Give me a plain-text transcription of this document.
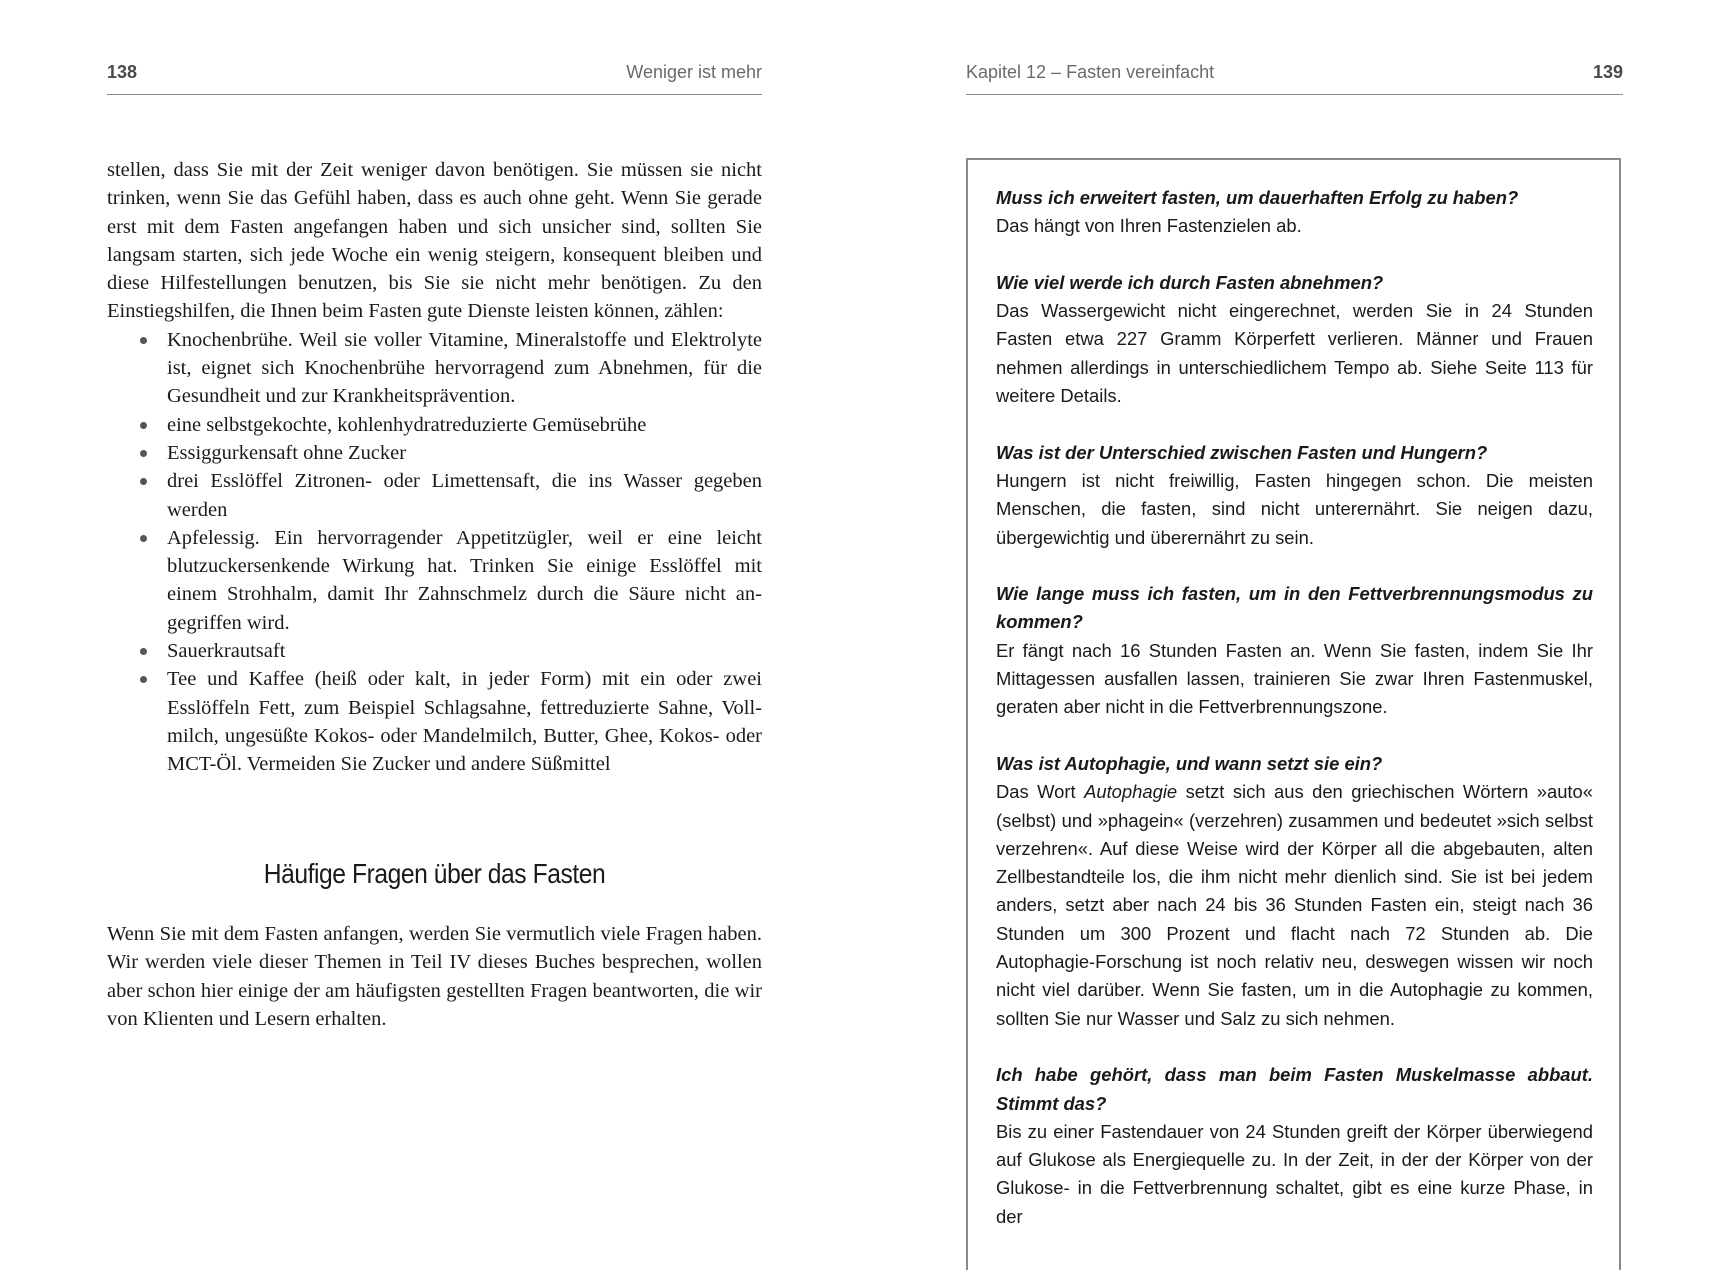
138	Weniger ist mehr

stellen, dass Sie mit der Zeit weniger davon benötigen. Sie müssen sie nicht trinken, wenn Sie das Gefühl haben, dass es auch ohne geht. Wenn Sie gerade erst mit dem Fasten angefangen haben und sich unsicher sind, sollten Sie langsam starten, sich jede Woche ein wenig steigern, konsequent bleiben und diese Hilfestellungen benutzen, bis Sie sie nicht mehr benötigen. Zu den Einstiegshilfen, die Ihnen beim Fasten gute Dienste leisten können, zählen:

Knochenbrühe. Weil sie voller Vitamine, Mineralstoffe und Elektrolyte ist, eignet sich Knochenbrühe hervorragend zum Abnehmen, für die Gesundheit und zur Krankheitsprävention.
eine selbstgekochte, kohlenhydratreduzierte Gemüsebrühe
Essiggurkensaft ohne Zucker
drei Esslöffel Zitronen- oder Limettensaft, die ins Wasser gegeben werden
Apfelessig. Ein hervorragender Appetitzügler, weil er eine leicht blutzuckersenkende Wirkung hat. Trinken Sie einige Esslöffel mit einem Strohhalm, damit Ihr Zahnschmelz durch die Säure nicht angegriffen wird.
Sauerkrautsaft
Tee und Kaffee (heiß oder kalt, in jeder Form) mit ein oder zwei Esslöffeln Fett, zum Beispiel Schlagsahne, fettreduzierte Sahne, Vollmilch, ungesüßte Kokos- oder Mandelmilch, Butter, Ghee, Kokos- oder MCT-Öl. Vermeiden Sie Zucker und andere Süßmittel
Häufige Fragen über das Fasten

Wenn Sie mit dem Fasten anfangen, werden Sie vermutlich viele Fragen haben. Wir werden viele dieser Themen in Teil IV dieses Buches besprechen, wollen aber schon hier einige der am häufigsten gestellten Fragen beantworten, die wir von Klienten und Lesern erhalten.

Kapitel 12 – Fasten vereinfacht	139

Muss ich erweitert fasten, um dauerhaften Erfolg zu haben?

Das hängt von Ihren Fastenzielen ab.

Wie viel werde ich durch Fasten abnehmen?

Das Wassergewicht nicht eingerechnet, werden Sie in 24 Stunden Fasten etwa 227 Gramm Körperfett verlieren. Männer und Frauen nehmen allerdings in unterschiedlichem Tempo ab. Siehe Seite 113 für weitere Details.

Was ist der Unterschied zwischen Fasten und Hungern?

Hungern ist nicht freiwillig, Fasten hingegen schon. Die meisten Menschen, die fasten, sind nicht unterernährt. Sie neigen dazu, übergewichtig und überernährt zu sein.

Wie lange muss ich fasten, um in den Fettverbrennungsmodus zu kommen?

Er fängt nach 16 Stunden Fasten an. Wenn Sie fasten, indem Sie Ihr Mittagessen ausfallen lassen, trainieren Sie zwar Ihren Fastenmuskel, geraten aber nicht in die Fettverbrennungszone.

Was ist Autophagie, und wann setzt sie ein?

Das Wort Autophagie setzt sich aus den griechischen Wörtern »auto« (selbst) und »phagein« (verzehren) zusammen und bedeutet »sich selbst verzehren«. Auf diese Weise wird der Körper all die abgebauten, alten Zellbestandteile los, die ihm nicht mehr dienlich sind. Sie ist bei jedem anders, setzt aber nach 24 bis 36 Stunden Fasten ein, steigt nach 36 Stunden um 300 Prozent und flacht nach 72 Stunden ab. Die Autophagie-Forschung ist noch relativ neu, deswegen wissen wir noch nicht viel darüber. Wenn Sie fasten, um in die Autophagie zu kommen, sollten Sie nur Wasser und Salz zu sich nehmen.

Ich habe gehört, dass man beim Fasten Muskelmasse abbaut. Stimmt das?

Bis zu einer Fastendauer von 24 Stunden greift der Körper überwiegend auf Glukose als Energiequelle zu. In der Zeit, in der der Körper von der Glukose- in die Fettverbrennung schaltet, gibt es eine kurze Phase, in der
